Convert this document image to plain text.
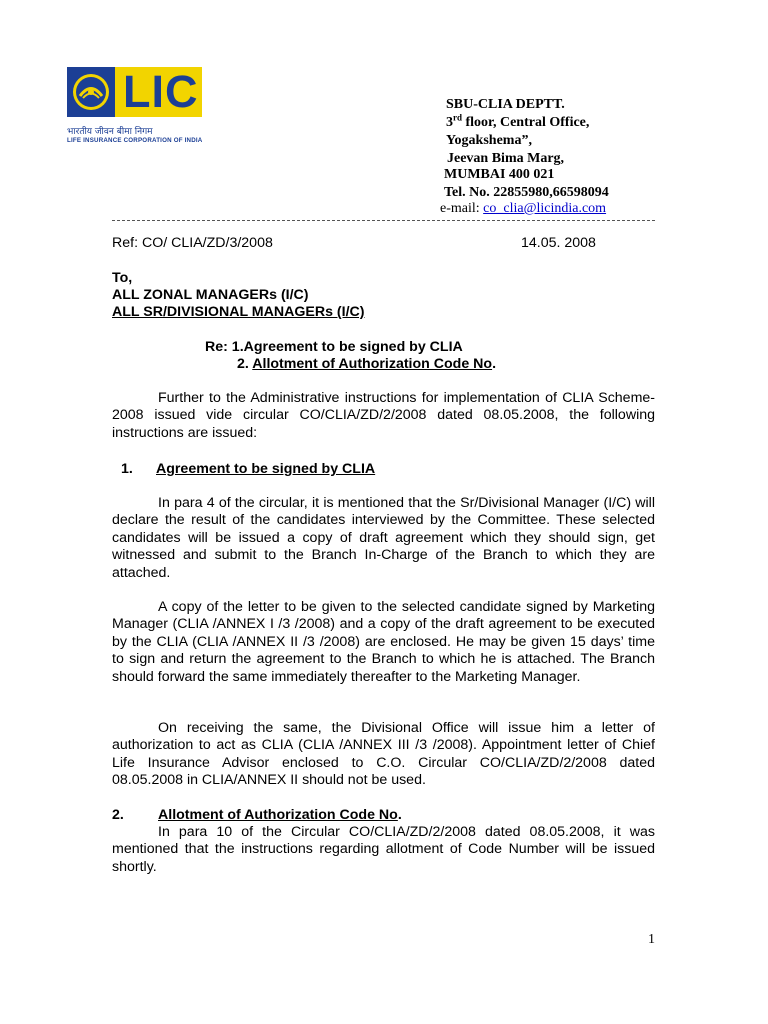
LIC
भारतीय जीवन बीमा निगम
LIFE INSURANCE CORPORATION OF INDIA
SBU-CLIA DEPTT.
3rd floor, Central Office,
Yogakshema”,
Jeevan Bima Marg,
MUMBAI 400 021
Tel. No. 22855980,66598094
e-mail: co_clia@licindia.com
Ref: CO/ CLIA/ZD/3/2008	14.05. 2008
To,
ALL ZONAL MANAGERs (I/C)
ALL SR/DIVISIONAL MANAGERs (I/C)
Re: 1.Agreement to be signed by CLIA
2. Allotment of Authorization Code No.
Further to the Administrative instructions for implementation of CLIA Scheme-2008 issued vide circular CO/CLIA/ZD/2/2008 dated 08.05.2008, the following instructions are issued:
1. Agreement to be signed by CLIA
In para 4 of the circular, it is mentioned that the Sr/Divisional Manager (I/C) will declare the result of the candidates interviewed by the Committee. These selected candidates will be issued a copy of draft agreement which they should sign, get witnessed and submit to the Branch In-Charge of the Branch to which they are attached.
A copy of the letter to be given to the selected candidate signed by Marketing Manager (CLIA /ANNEX I /3 /2008) and a copy of the draft agreement to be executed by the CLIA (CLIA /ANNEX II /3 /2008) are enclosed. He may be given 15 days’ time to sign and return the agreement to the Branch to which he is attached. The Branch should forward the same immediately thereafter to the Marketing Manager.
On receiving the same, the Divisional Office will issue him a letter of authorization to act as CLIA (CLIA /ANNEX III /3 /2008). Appointment letter of Chief Life Insurance Advisor enclosed to C.O. Circular CO/CLIA/ZD/2/2008 dated 08.05.2008 in CLIA/ANNEX II should not be used.
2. Allotment of Authorization Code No.
In para 10 of the Circular CO/CLIA/ZD/2/2008 dated 08.05.2008, it was mentioned that the instructions regarding allotment of Code Number will be issued shortly.
1
